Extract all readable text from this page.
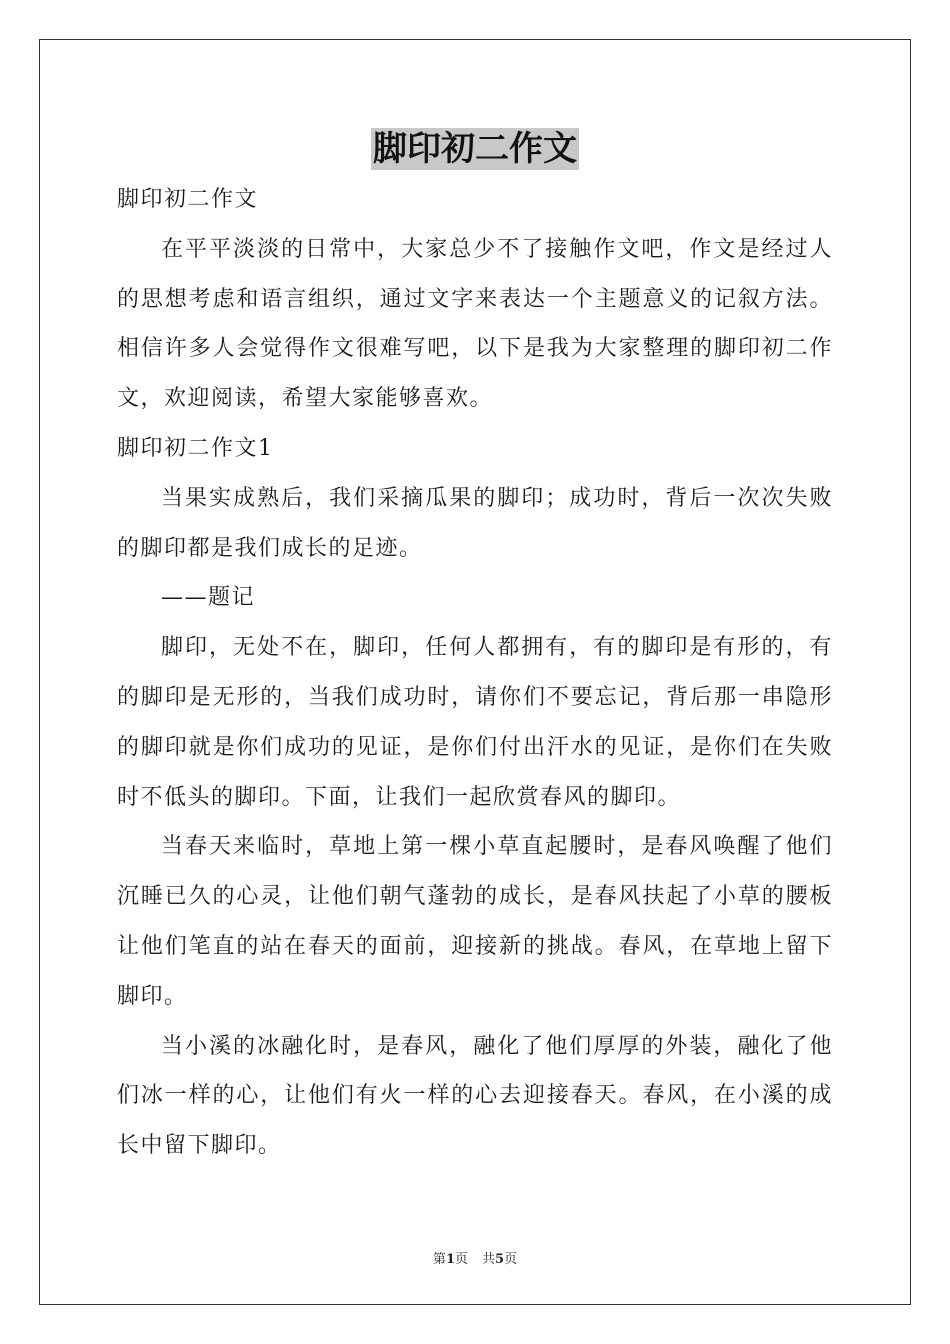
脚印初二作文

脚印初二作文

在平平淡淡的日常中，大家总少不了接触作文吧，作文是经过人的思想考虑和语言组织，通过文字来表达一个主题意义的记叙方法。相信许多人会觉得作文很难写吧，以下是我为大家整理的脚印初二作文，欢迎阅读，希望大家能够喜欢。

脚印初二作文1

当果实成熟后，我们采摘瓜果的脚印；成功时，背后一次次失败的脚印都是我们成长的足迹。

——题记

脚印，无处不在，脚印，任何人都拥有，有的脚印是有形的，有的脚印是无形的，当我们成功时，请你们不要忘记，背后那一串隐形的脚印就是你们成功的见证，是你们付出汗水的见证，是你们在失败时不低头的脚印。下面，让我们一起欣赏春风的脚印。

当春天来临时，草地上第一棵小草直起腰时，是春风唤醒了他们沉睡已久的心灵，让他们朝气蓬勃的成长，是春风扶起了小草的腰板让他们笔直的站在春天的面前，迎接新的挑战。春风，在草地上留下脚印。

当小溪的冰融化时，是春风，融化了他们厚厚的外装，融化了他们冰一样的心，让他们有火一样的心去迎接春天。春风，在小溪的成长中留下脚印。

第1页 共5页
